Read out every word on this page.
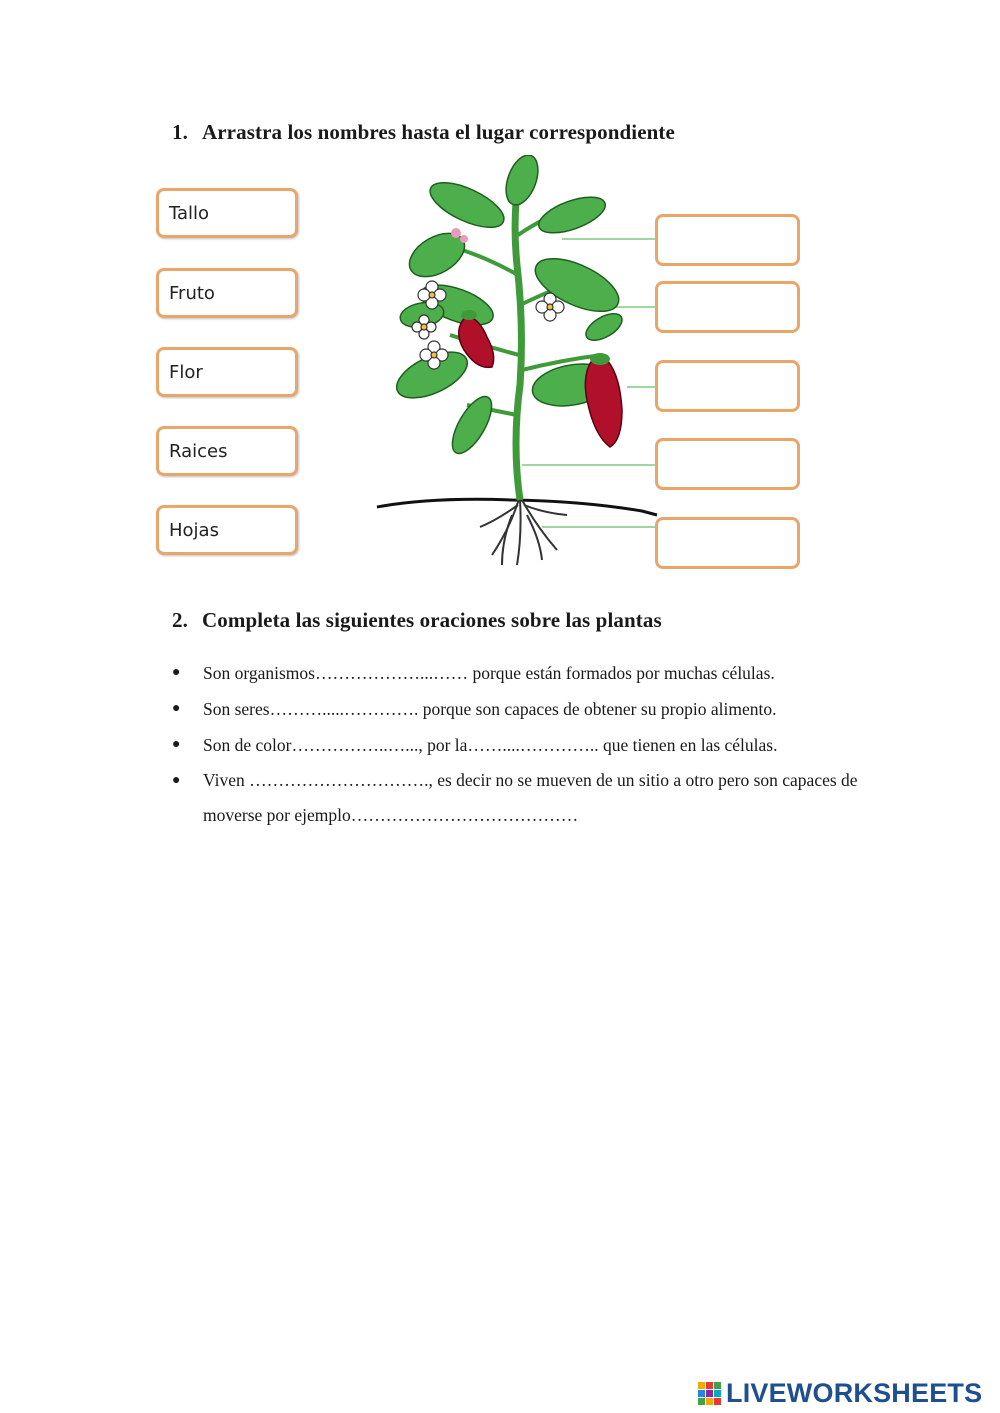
1. Arrastra los nombres hasta el lugar correspondiente
Tallo
Fruto
Flor
Raices
Hojas
2. Completa las siguientes oraciones sobre las plantas

● Son organismos………………...…… porque están formados por muchas células.

● Son seres……….....…………. porque son capaces de obtener su propio alimento.

● Son de color……………..…..., por la……....………….. que tienen en las células.

● Viven …………………………., es decir no se mueven de un sitio a otro pero son capaces de moverse por ejemplo…………………………………

LIVEWORKSHEETS
